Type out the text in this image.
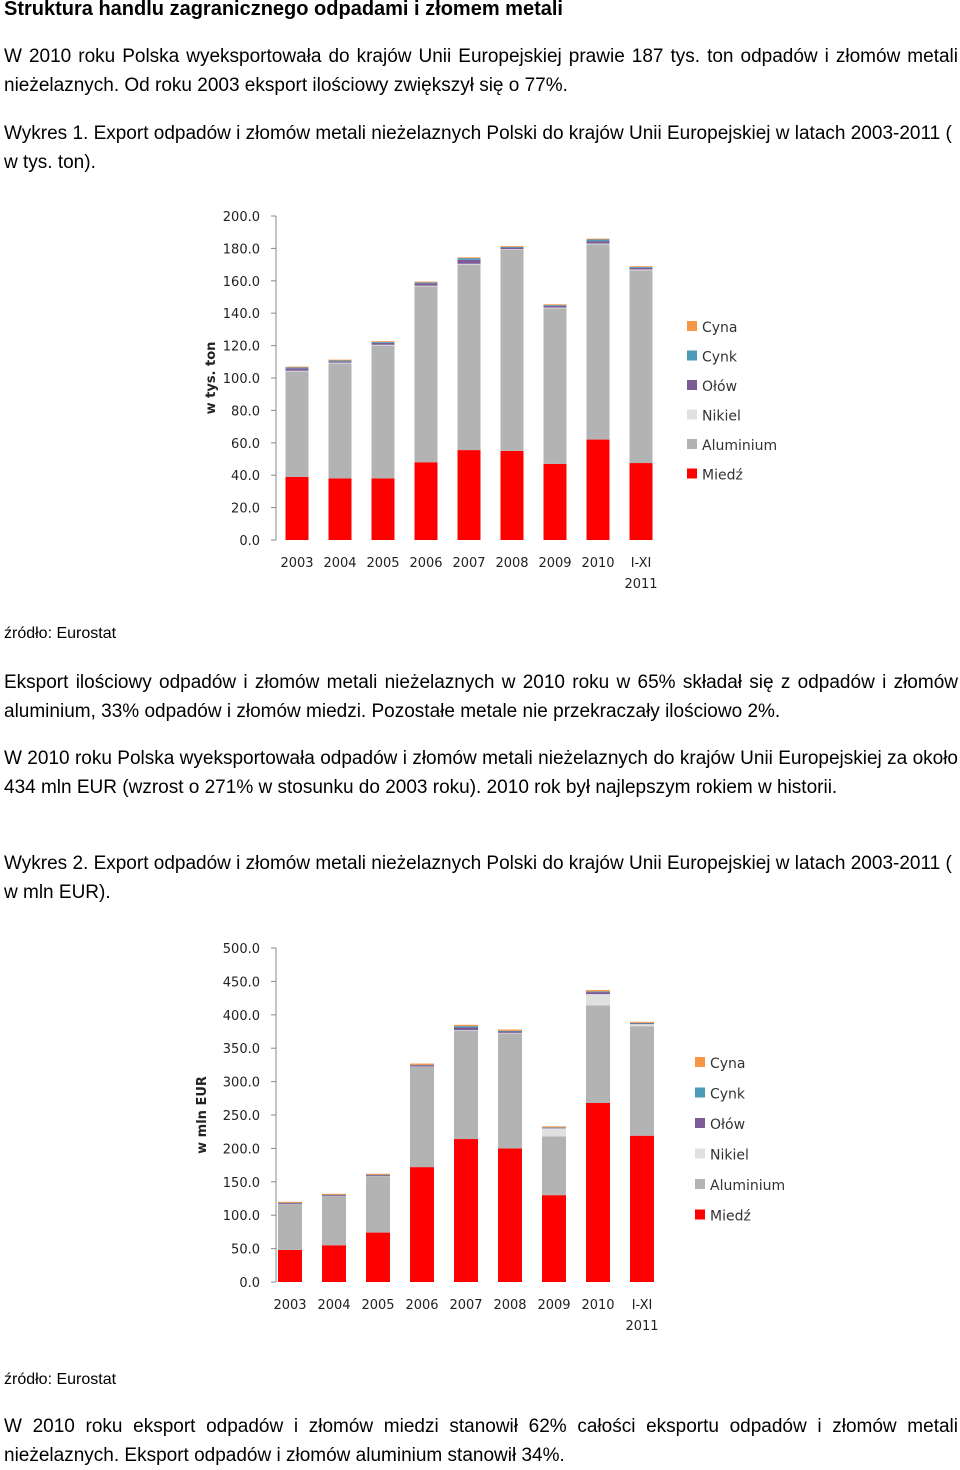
Struktura handlu zagranicznego odpadami i złomem metali

W 2010 roku Polska wyeksportowała do krajów Unii Europejskiej prawie 187 tys. ton odpadów i złomów metali nieżelaznych. Od roku 2003 eksport ilościowy zwiększył się o 77%.

Wykres 1. Export odpadów i złomów metali nieżelaznych Polski do krajów Unii Europejskiej w latach 2003-2011 ( w tys. ton).

0.0
20.0
40.0
60.0
80.0
100.0
120.0
140.0
160.0
180.0
200.0
w tys. ton
2003 2004 2005 2006 2007 2008 2009 2010 I-XI
2011
Cyna
Cynk
Ołów
Nikiel
Aluminium
Miedź
źródło: Eurostat

Eksport ilościowy odpadów i złomów metali nieżelaznych w 2010 roku w 65% składał się z odpadów i złomów aluminium, 33% odpadów i złomów miedzi. Pozostałe metale nie przekraczały ilościowo 2%.

W 2010 roku Polska wyeksportowała odpadów i złomów metali nieżelaznych do krajów Unii Europejskiej za około 434 mln EUR (wzrost o 271% w stosunku do 2003 roku). 2010 rok był najlepszym rokiem w historii.

Wykres 2. Export odpadów i złomów metali nieżelaznych Polski do krajów Unii Europejskiej w latach 2003-2011 ( w mln EUR).

0.0
50.0
100.0
150.0
200.0
250.0
300.0
350.0
400.0
450.0
500.0
w mln EUR
2003 2004 2005 2006 2007 2008 2009 2010 I-XI
2011
Cyna
Cynk
Ołów
Nikiel
Aluminium
Miedź
źródło: Eurostat

W 2010 roku eksport odpadów i złomów miedzi stanowił 62% całości eksportu odpadów i złomów metali nieżelaznych. Eksport odpadów i złomów aluminium stanowił 34%.
